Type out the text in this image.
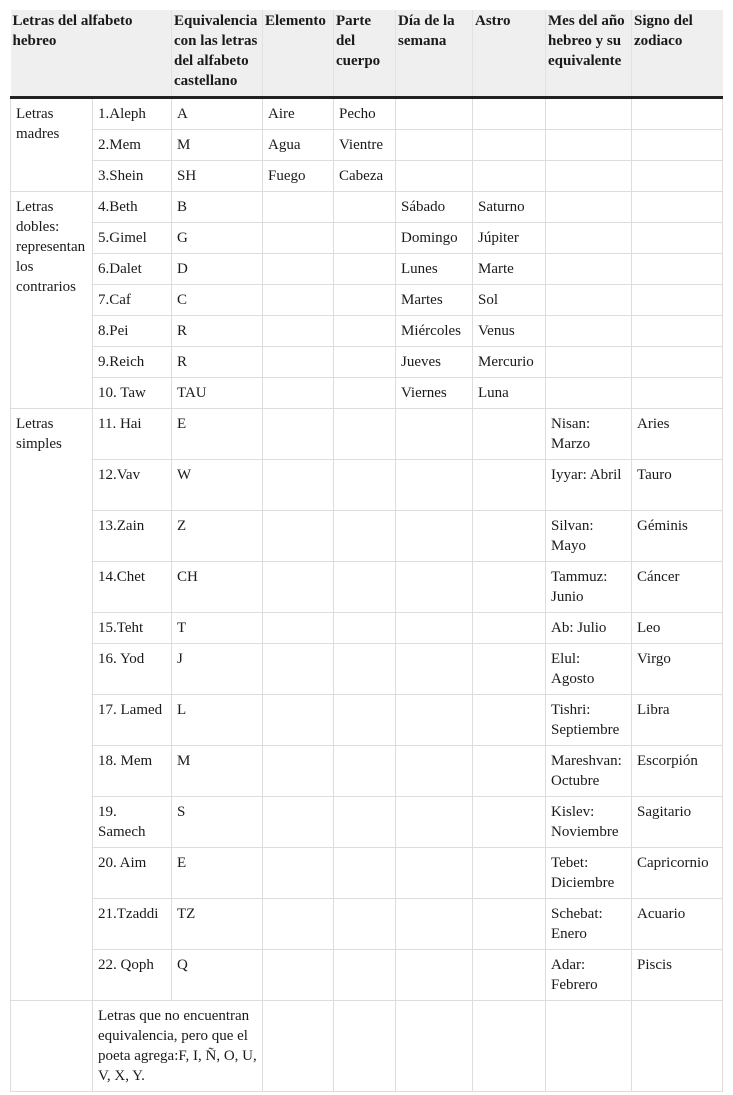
Letras del alfabeto hebreo		Equivalencia con las letras del alfabeto castellano	Elemento	Parte del cuerpo	Día de la semana	Astro	Mes del año hebreo y su equivalente	Signo del zodiaco
Letras madres	1.Aleph	A	Aire	Pecho				
	2.Mem	M	Agua	Vientre				
	3.Shein	SH	Fuego	Cabeza				
Letras dobles: representan los contrarios	4.Beth	B			Sábado	Saturno		
	5.Gimel	G			Domingo	Júpiter		
	6.Dalet	D			Lunes	Marte		
	7.Caf	C			Martes	Sol		
	8.Pei	R			Miércoles	Venus		
	9.Reich	R			Jueves	Mercurio		
	10. Taw	TAU			Viernes	Luna		
Letras simples	11. Hai	E					Nisan: Marzo	Aries
	12.Vav	W					Iyyar: Abril	Tauro
	13.Zain	Z					Silvan: Mayo	Géminis
	14.Chet	CH					Tammuz: Junio	Cáncer
	15.Teht	T					Ab: Julio	Leo
	16. Yod	J					Elul: Agosto	Virgo
	17. Lamed	L					Tishri: Septiembre	Libra
	18. Mem	M					Mareshvan: Octubre	Escorpión
	19. Samech	S					Kislev: Noviembre	Sagitario
	20. Aim	E					Tebet: Diciembre	Capricornio
	21.Tzaddi	TZ					Schebat: Enero	Acuario
	22. Qoph	Q					Adar: Febrero	Piscis
	Letras que no encuentran equivalencia, pero que el poeta agrega:F, I, Ñ, O, U, V, X, Y.							
